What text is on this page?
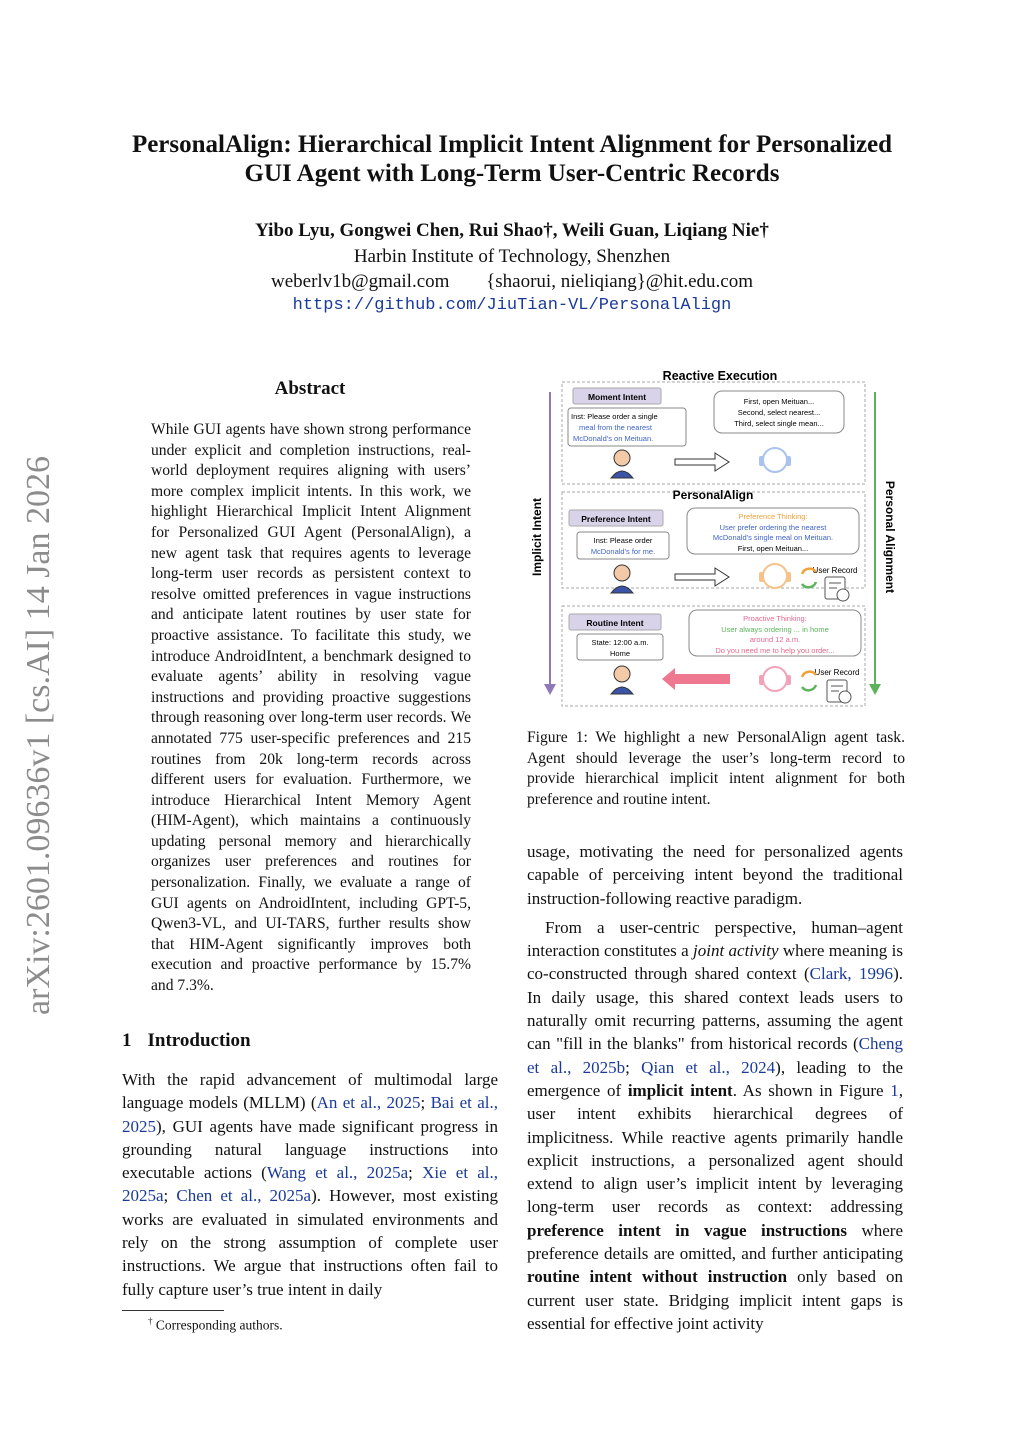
PersonalAlign: Hierarchical Implicit Intent Alignment for Personalized
GUI Agent with Long-Term User-Centric Records
Yibo Lyu, Gongwei Chen, Rui Shao†, Weili Guan, Liqiang Nie†
Harbin Institute of Technology, Shenzhen
weberlv1b@gmail.com {shaorui, nieliqiang}@hit.edu.com
https://github.com/JiuTian-VL/PersonalAlign
arXiv:2601.09636v1 [cs.AI] 14 Jan 2026
Abstract
While GUI agents have shown strong performance under explicit and completion instructions, real-world deployment requires aligning with users’ more complex implicit intents. In this work, we highlight Hierarchical Implicit Intent Alignment for Personalized GUI Agent (PersonalAlign), a new agent task that requires agents to leverage long-term user records as persistent context to resolve omitted preferences in vague instructions and anticipate latent routines by user state for proactive assistance. To facilitate this study, we introduce AndroidIntent, a benchmark designed to evaluate agents’ ability in resolving vague instructions and providing proactive suggestions through reasoning over long-term user records. We annotated 775 user-specific preferences and 215 routines from 20k long-term records across different users for evaluation. Furthermore, we introduce Hierarchical Intent Memory Agent (HIM-Agent), which maintains a continuously updating personal memory and hierarchically organizes user preferences and routines for personalization. Finally, we evaluate a range of GUI agents on AndroidIntent, including GPT-5, Qwen3-VL, and UI-TARS, further results show that HIM-Agent significantly improves both execution and proactive performance by 15.7% and 7.3%.
1 Introduction
With the rapid advancement of multimodal large language models (MLLM) (An et al., 2025; Bai et al., 2025), GUI agents have made significant progress in grounding natural language instructions into executable actions (Wang et al., 2025a; Xie et al., 2025a; Chen et al., 2025a). However, most existing works are evaluated in simulated environments and rely on the strong assumption of complete user instructions. We argue that instructions often fail to fully capture user’s true intent in daily
† Corresponding authors.
Reactive Execution
Implicit Intent	Personal Alignment
Moment Intent
Inst: Please order a single
meal from the nearest
McDonald's on Meituan.
First, open Meituan...
Second, select nearest...
Third, select single mean...
PersonalAlign
Preference Intent
Inst: Please order
McDonald's for me.
Preference Thinking:
User prefer ordering the nearest
McDonald's single meal on Meituan.
First, open Meituan...
User Record
Routine Intent
State: 12:00 a.m.
Home
Proactive Thinking:
User always ordering ... in home
around 12 a.m.
Do you need me to help you order...
User Record
Figure 1: We highlight a new PersonalAlign agent task. Agent should leverage the user’s long-term record to provide hierarchical implicit intent alignment for both preference and routine intent.

usage, motivating the need for personalized agents capable of perceiving intent beyond the traditional instruction-following reactive paradigm.

From a user-centric perspective, human–agent interaction constitutes a joint activity where meaning is co-constructed through shared context (Clark, 1996). In daily usage, this shared context leads users to naturally omit recurring patterns, assuming the agent can "fill in the blanks" from historical records (Cheng et al., 2025b; Qian et al., 2024), leading to the emergence of implicit intent. As shown in Figure 1, user intent exhibits hierarchical degrees of implicitness. While reactive agents primarily handle explicit instructions, a personalized agent should extend to align user’s implicit intent by leveraging long-term user records as context: addressing preference intent in vague instructions where preference details are omitted, and further anticipating routine intent without instruction only based on current user state. Bridging implicit intent gaps is essential for effective joint activity
